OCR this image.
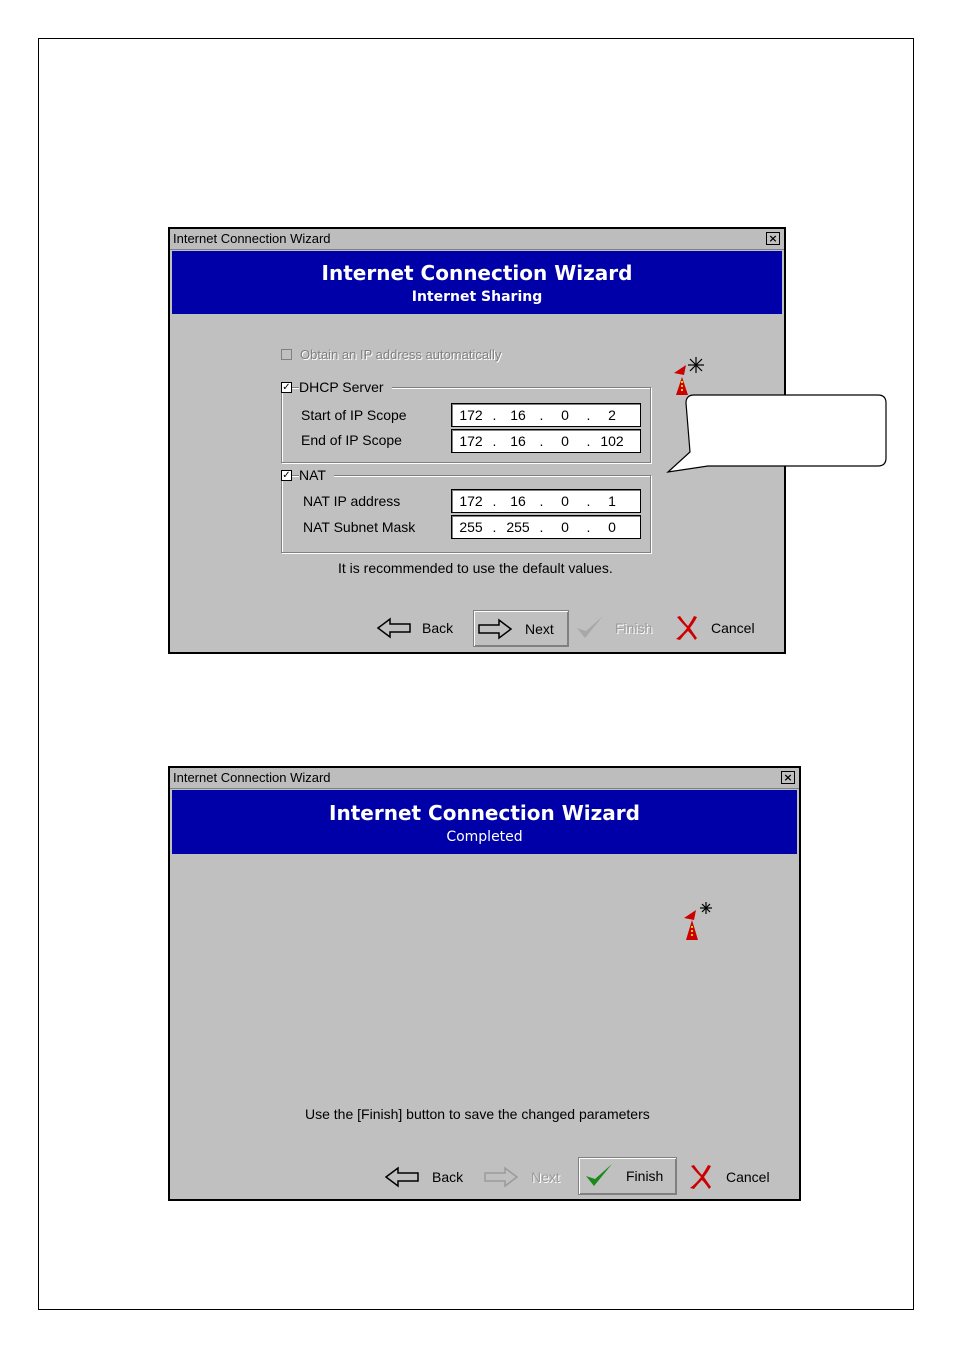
Internet Connection Wizard	×
Internet Connection Wizard
Internet Sharing
Obtain an IP address automatically
✓ DHCP Server
Start of IP Scope	172 . 16 .	0	.	2
End of IP Scope	172 . 16 .	0	. 102
✓ NAT
NAT IP address	172 . 16 .	0	.	1
NAT Subnet Mask	255 . 255 .	0	.	0
It is recommended to use the default values.
Back	Next	Finish	Cancel
Internet Connection Wizard	×
Internet Connection Wizard
Completed
Use the [Finish] button to save the changed parameters
Back	Next	Finish	Cancel
